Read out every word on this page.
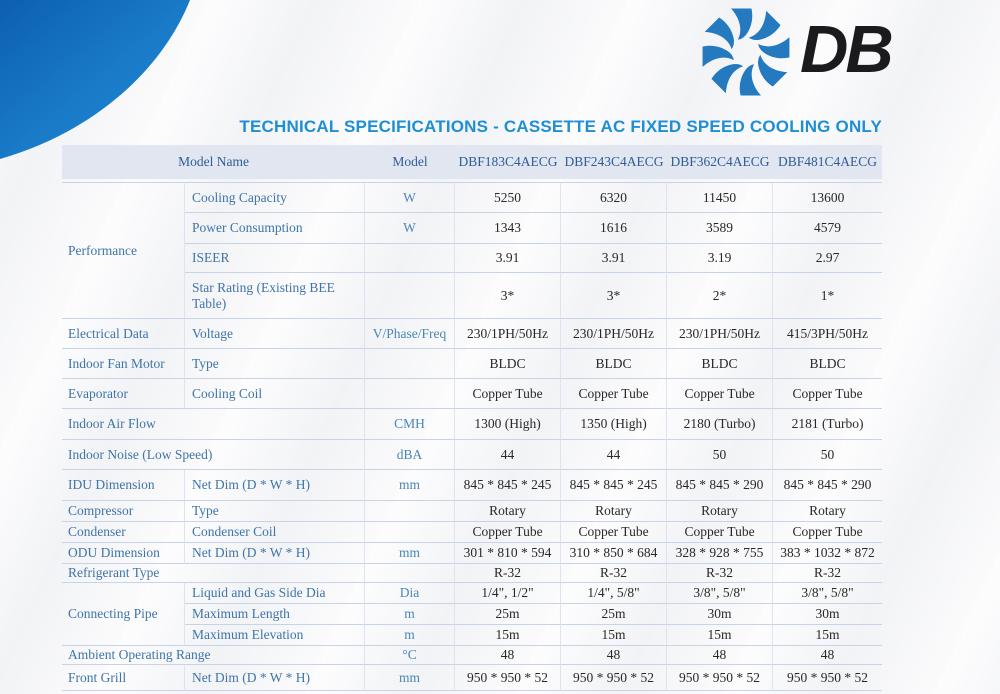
DB
TECHNICAL SPECIFICATIONS - CASSETTE AC FIXED SPEED COOLING ONLY
Model Name		Model	DBF183C4AECG	DBF243C4AECG	DBF362C4AECG	DBF481C4AECG
Performance	Cooling Capacity	W	5250	6320	11450	13600
	Power Consumption	W	1343	1616	3589	4579
	ISEER		3.91	3.91	3.19	2.97
	Star Rating (Existing BEE Table)		3*	3*	2*	1*
Electrical Data	Voltage	V/Phase/Freq	230/1PH/50Hz	230/1PH/50Hz	230/1PH/50Hz	415/3PH/50Hz
Indoor Fan Motor	Type		BLDC	BLDC	BLDC	BLDC
Evaporator	Cooling Coil		Copper Tube	Copper Tube	Copper Tube	Copper Tube
Indoor Air Flow		CMH	1300 (High)	1350 (High)	2180 (Turbo)	2181 (Turbo)
Indoor Noise (Low Speed)		dBA	44	44	50	50
IDU Dimension	Net Dim (D * W * H)	mm	845 * 845 * 245	845 * 845 * 245	845 * 845 * 290	845 * 845 * 290
Compressor	Type		Rotary	Rotary	Rotary	Rotary
Condenser	Condenser Coil		Copper Tube	Copper Tube	Copper Tube	Copper Tube
ODU Dimension	Net Dim (D * W * H)	mm	301 * 810 * 594	310 * 850 * 684	328 * 928 * 755	383 * 1032 * 872
Refrigerant Type			R-32	R-32	R-32	R-32
Connecting Pipe	Liquid and Gas Side Dia	Dia	1/4", 1/2"	1/4", 5/8"	3/8", 5/8"	3/8", 5/8"
	Maximum Length	m	25m	25m	30m	30m
	Maximum Elevation	m	15m	15m	15m	15m
Ambient Operating Range		°C	48	48	48	48
Front Grill	Net Dim (D * W * H)	mm	950 * 950 * 52	950 * 950 * 52	950 * 950 * 52	950 * 950 * 52
